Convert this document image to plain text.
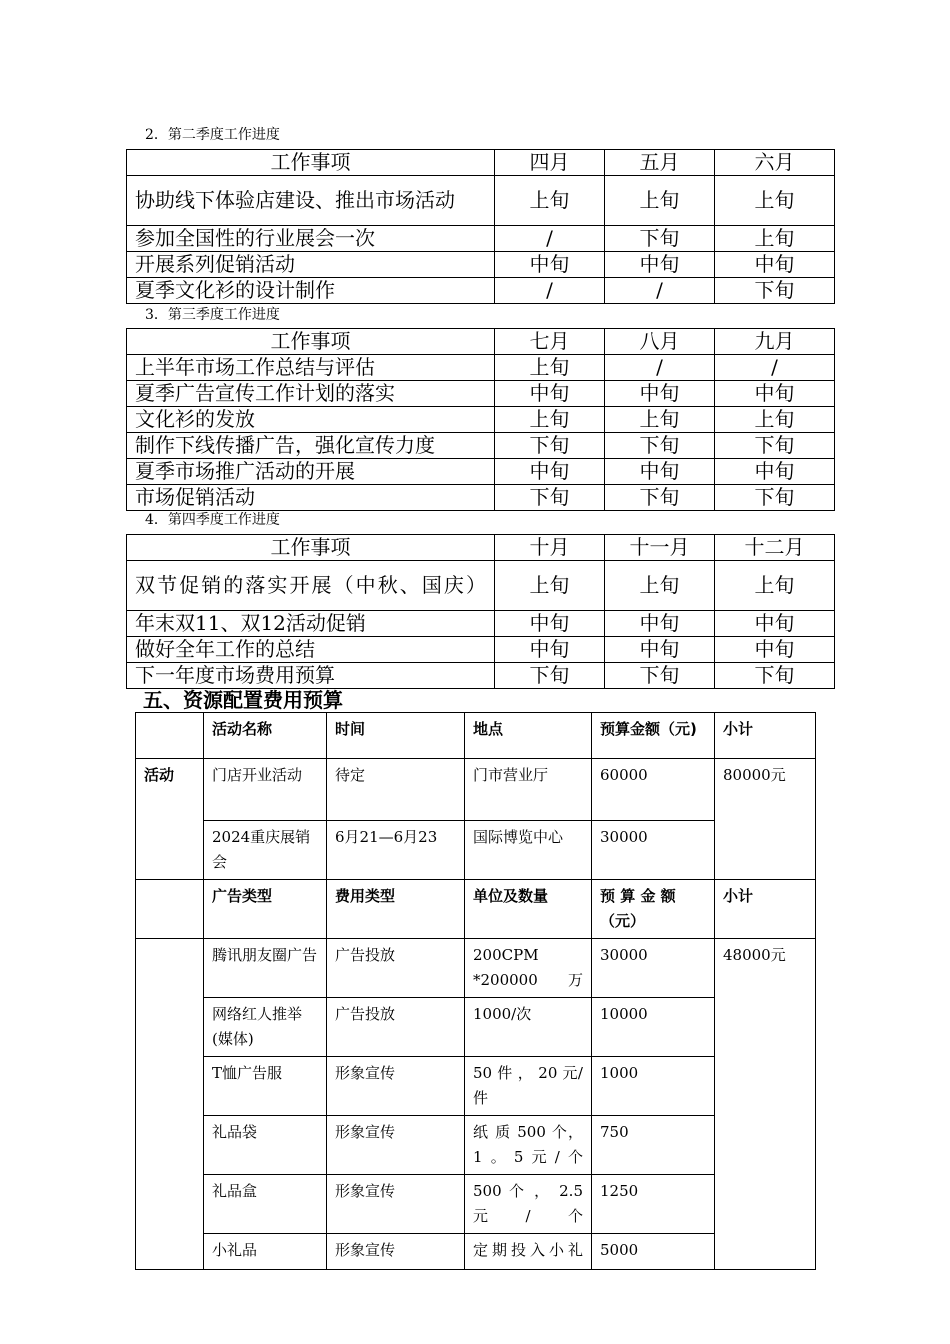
2．第二季度工作进度
工作事项	四月	五月	六月
协助线下体验店建设、推出市场活动	上旬	上旬	上旬
参加全国性的行业展会一次	/	下旬	上旬
开展系列促销活动	中旬	中旬	中旬
夏季文化衫的设计制作	/	/	下旬
3．第三季度工作进度
工作事项	七月	八月	九月
上半年市场工作总结与评估	上旬	/	/
夏季广告宣传工作计划的落实	中旬	中旬	中旬
文化衫的发放	上旬	上旬	上旬
制作下线传播广告，强化宣传力度	下旬	下旬	下旬
夏季市场推广活动的开展	中旬	中旬	中旬
市场促销活动	下旬	下旬	下旬
4．第四季度工作进度
工作事项	十月	十一月	十二月
双节促销的落实开展（中秋、国庆）	上旬	上旬	上旬
年末双11、双12活动促销	中旬	中旬	中旬
做好全年工作的总结	中旬	中旬	中旬
下一年度市场费用预算	下旬	下旬	下旬
五、资源配置费用预算
	活动名称	时间	地点	预算金额（元)	小计
活动	门店开业活动	待定	门市营业厅	60000	80000元
	2024重庆展销会	6月21—6月23	国际博览中心	30000	
	广告类型	费用类型	单位及数量	预 算 金 额（元）	小计
	腾讯朋友圈广告	广告投放	200CPM *200000万	30000	48000元
	网络红人推举(媒体)	广告投放	1000/次	10000	
	T恤广告服	形象宣传	50 件 ， 20 元/件	1000	
	礼品袋	形象宣传	纸 质 500 个，1。5元/个	750	
	礼品盒	形象宣传	500 个 ， 2.5 元/个	1250	
	小礼品	形象宣传	定期投入小礼	5000	
